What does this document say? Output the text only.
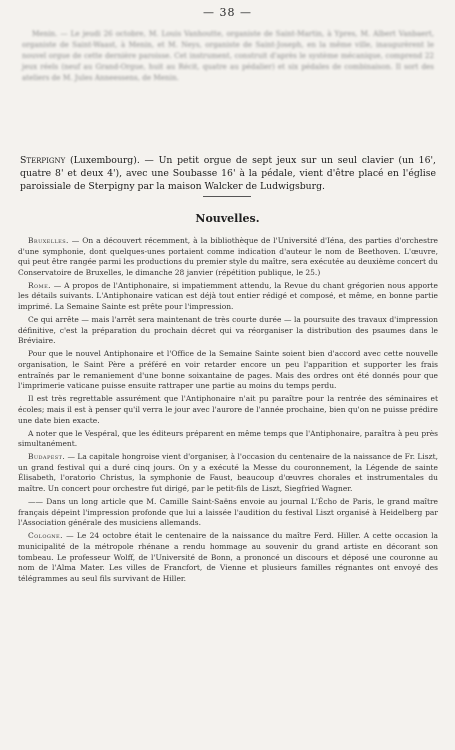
— 38 —

Menin. — Le jeudi 26 octobre, M. Louis Vanhoutte, organiste de Saint-Martin, à Ypres, M. Albert Vanbaert, organiste de Saint-Waast, à Menin, et M. Neys, organiste de Saint-Joseph, en la même ville, inaugurèrent le nouvel orgue de cette dernière paroisse. Cet instrument, construit d'après le système mécanique, comprend 22 jeux réels (neuf au Grand-Orgue, huit au Récit, quatre au pédalier) et six pédales de combinaison. Il sort des ateliers de M. Jules Anneessens, de Menin.

Sterpigny (Luxembourg). — Un petit orgue de sept jeux sur un seul clavier (un 16', quatre 8' et deux 4'), avec une Soubasse 16' à la pédale, vient d'être placé en l'église paroissiale de Sterpigny par la maison Walcker de Ludwigsburg.
Nouvelles.

Bruxelles. — On a découvert récemment, à la bibliothèque de l'Université d'Iéna, des parties d'orchestre d'une symphonie, dont quelques-unes portaient comme indication d'auteur le nom de Beethoven. L'œuvre, qui peut être rangée parmi les productions du premier style du maître, sera exécutée au deuxième concert du Conservatoire de Bruxelles, le dimanche 28 janvier (répétition publique, le 25.)

Rome. — A propos de l'Antiphonaire, si impatiemment attendu, la Revue du chant grégorien nous apporte les détails suivants. L'Antiphonaire vatican est déjà tout entier rédigé et composé, et même, en bonne partie imprimé. La Semaine Sainte est prête pour l'impression.

Ce qui arrête — mais l'arrêt sera maintenant de très courte durée — la poursuite des travaux d'impression définitive, c'est la préparation du prochain décret qui va réorganiser la distribution des psaumes dans le Bréviaire.

Pour que le nouvel Antiphonaire et l'Office de la Semaine Sainte soient bien d'accord avec cette nouvelle organisation, le Saint Père a préféré en voir retarder encore un peu l'apparition et supporter les frais entraînés par le remaniement d'une bonne soixantaine de pages. Mais des ordres ont été donnés pour que l'imprimerie vaticane puisse ensuite rattraper une partie au moins du temps perdu.

Il est très regrettable assurément que l'Antiphonaire n'ait pu paraître pour la rentrée des séminaires et écoles; mais il est à penser qu'il verra le jour avec l'aurore de l'année prochaine, bien qu'on ne puisse prédire une date bien exacte.

A noter que le Vespéral, que les éditeurs préparent en même temps que l'Antiphonaire, paraîtra à peu près simultanément.

Budapest. — La capitale hongroise vient d'organiser, à l'occasion du centenaire de la naissance de Fr. Liszt, un grand festival qui a duré cinq jours. On y a exécuté la Messe du couronnement, la Légende de sainte Élisabeth, l'oratorio Christus, la symphonie de Faust, beaucoup d'œuvres chorales et instrumentales du maître. Un concert pour orchestre fut dirigé, par le petit-fils de Liszt, Siegfried Wagner.

—— Dans un long article que M. Camille Saint-Saëns envoie au journal L'Écho de Paris, le grand maître français dépeint l'impression profonde que lui a laissée l'audition du festival Liszt organisé à Heidelberg par l'Association générale des musiciens allemands.

Cologne. — Le 24 octobre était le centenaire de la naissance du maître Ferd. Hiller. A cette occasion la municipalité de la métropole rhénane a rendu hommage au souvenir du grand artiste en décorant son tombeau. Le professeur Wolff, de l'Université de Bonn, a prononcé un discours et déposé une couronne au nom de l'Alma Mater. Les villes de Francfort, de Vienne et plusieurs familles régnantes ont envoyé des télégrammes au seul fils survivant de Hiller.
